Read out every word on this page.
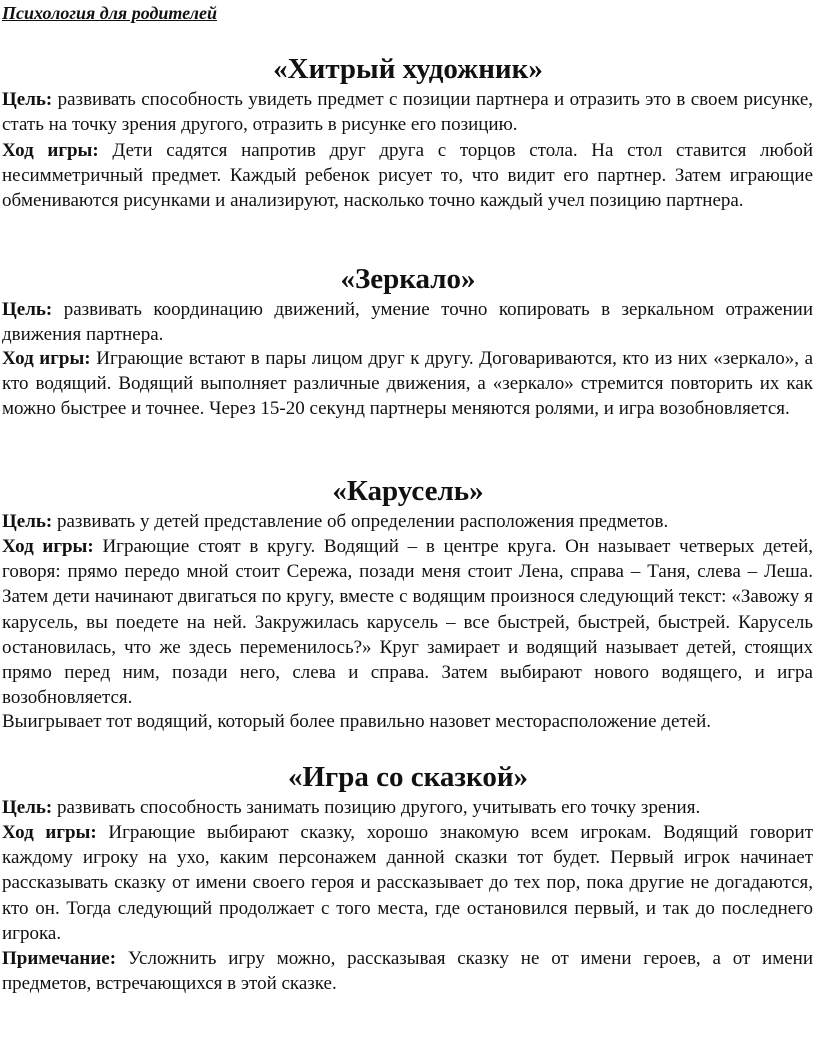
Психология для родителей
«Хитрый художник»

Цель: развивать способность увидеть предмет с позиции партнера и отразить это в своем рисунке, стать на точку зрения другого, отразить в рисунке его позицию.

Ход игры: Дети садятся напротив друг друга с торцов стола. На стол ставится любой несимметричный предмет. Каждый ребенок рисует то, что видит его партнер. Затем играющие обмениваются рисунками и анализируют, насколько точно каждый учел позицию партнера.

«Зеркало»

Цель: развивать координацию движений, умение точно копировать в зеркальном отражении движения партнера.

Ход игры: Играющие встают в пары лицом друг к другу. Договариваются, кто из них «зеркало», а кто водящий. Водящий выполняет различные движения, а «зеркало» стремится повторить их как можно быстрее и точнее. Через 15-20 секунд партнеры меняются ролями, и игра возобновляется.

«Карусель»

Цель: развивать у детей представление об определении расположения предметов.

Ход игры: Играющие стоят в кругу. Водящий – в центре круга. Он называет четверых детей, говоря: прямо передо мной стоит Сережа, позади меня стоит Лена, справа – Таня, слева – Леша. Затем дети начинают двигаться по кругу, вместе с водящим произнося следующий текст: «Завожу я карусель, вы поедете на ней. Закружилась карусель – все быстрей, быстрей, быстрей. Карусель остановилась, что же здесь переменилось?» Круг замирает и водящий называет детей, стоящих прямо перед ним, позади него, слева и справа. Затем выбирают нового водящего, и игра возобновляется.

Выигрывает тот водящий, который более правильно назовет месторасположение детей.

«Игра со сказкой»

Цель: развивать способность занимать позицию другого, учитывать его точку зрения.

Ход игры: Играющие выбирают сказку, хорошо знакомую всем игрокам. Водящий говорит каждому игроку на ухо, каким персонажем данной сказки тот будет. Первый игрок начинает рассказывать сказку от имени своего героя и рассказывает до тех пор, пока другие не догадаются, кто он. Тогда следующий продолжает с того места, где остановился первый, и так до последнего игрока.

Примечание: Усложнить игру можно, рассказывая сказку не от имени героев, а от имени предметов, встречающихся в этой сказке.
